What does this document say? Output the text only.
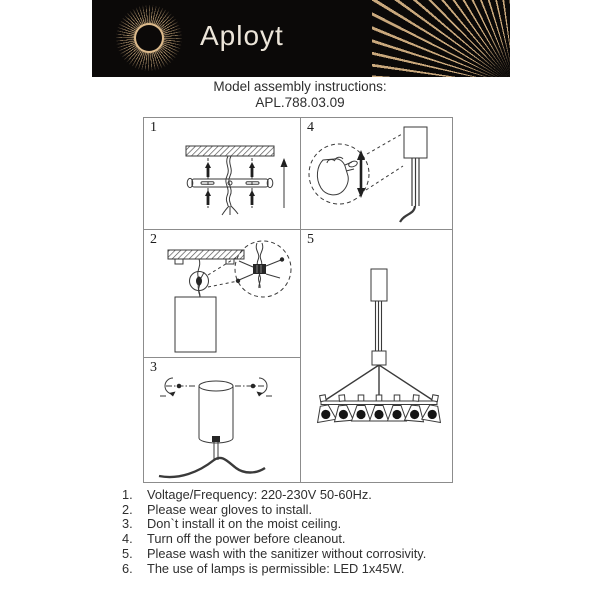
Aployt
Model assembly instructions:
APL.788.03.09
1
2
3
4
5
1.	Voltage/Frequency: 220-230V 50-60Hz.
2.	Please wear gloves to install.
3.	Don`t install it on the moist ceiling.
4.	Turn off the power before cleanout.
5.	Please wash with the sanitizer without corrosivity.
6.	The use of lamps is permissible: LED 1x45W.
